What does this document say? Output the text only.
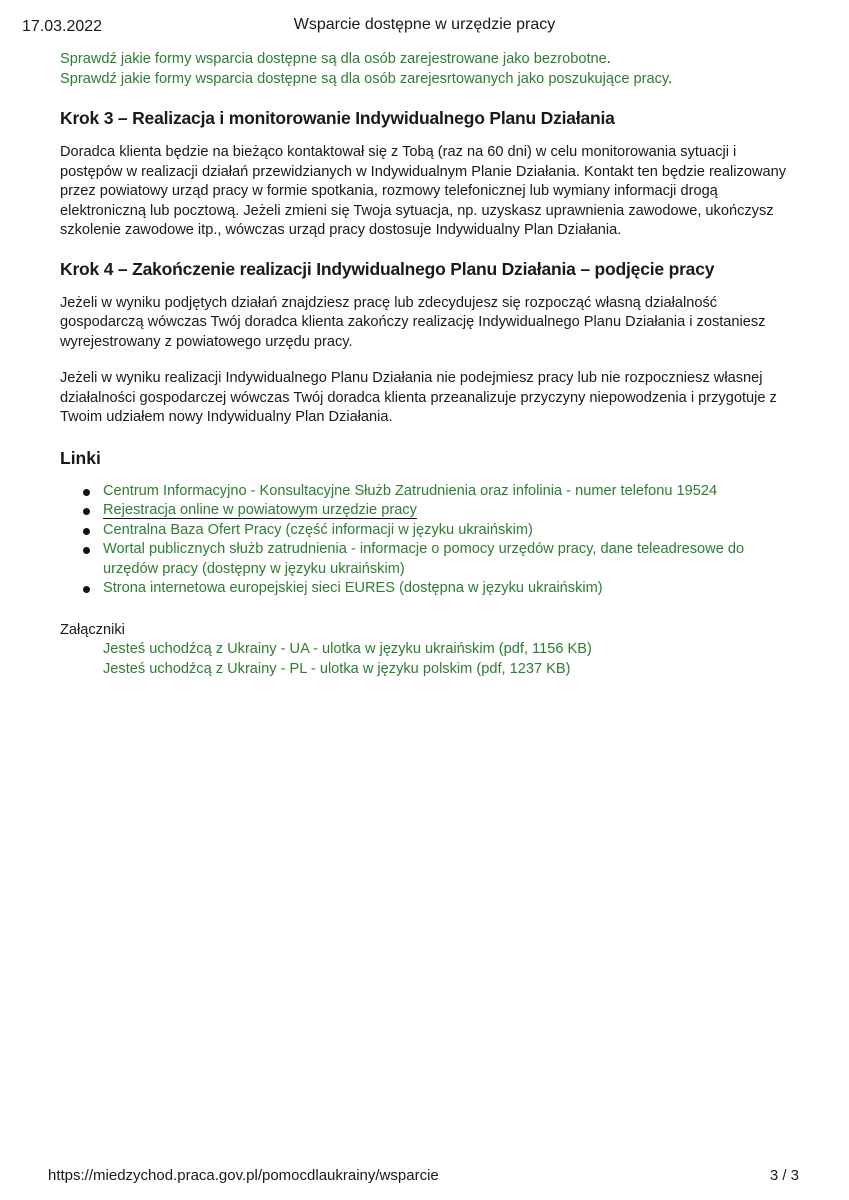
17.03.2022	Wsparcie dostępne w urzędzie pracy
Sprawdź jakie formy wsparcia dostępne są dla osób zarejestrowane jako bezrobotne.
Sprawdź jakie formy wsparcia dostępne są dla osób zarejesrtowanych jako poszukujące pracy.
Krok 3 – Realizacja i monitorowanie Indywidualnego Planu Działania

Doradca klienta będzie na bieżąco kontaktował się z Tobą (raz na 60 dni) w celu monitorowania sytuacji i postępów w realizacji działań przewidzianych w Indywidualnym Planie Działania. Kontakt ten będzie realizowany przez powiatowy urząd pracy w formie spotkania, rozmowy telefonicznej lub wymiany informacji drogą elektroniczną lub pocztową. Jeżeli zmieni się Twoja sytuacja, np. uzyskasz uprawnienia zawodowe, ukończysz szkolenie zawodowe itp., wówczas urząd pracy dostosuje Indywidualny Plan Działania.

Krok 4 – Zakończenie realizacji Indywidualnego Planu Działania – podjęcie pracy

Jeżeli w wyniku podjętych działań znajdziesz pracę lub zdecydujesz się rozpocząć własną działalność gospodarczą wówczas Twój doradca klienta zakończy realizację Indywidualnego Planu Działania i zostaniesz wyrejestrowany z powiatowego urzędu pracy.

Jeżeli w wyniku realizacji Indywidualnego Planu Działania nie podejmiesz pracy lub nie rozpoczniesz własnej działalności gospodarczej wówczas Twój doradca klienta przeanalizuje przyczyny niepowodzenia i przygotuje z Twoim udziałem nowy Indywidualny Plan Działania.

Linki
Centrum Informacyjno - Konsultacyjne Służb Zatrudnienia oraz infolinia - numer telefonu 19524
Rejestracja online w powiatowym urzędzie pracy
Centralna Baza Ofert Pracy (część informacji w języku ukraińskim)
Wortal publicznych służb zatrudnienia - informacje o pomocy urzędów pracy, dane teleadresowe do urzędów pracy (dostępny w języku ukraińskim)
Strona internetowa europejskiej sieci EURES (dostępna w języku ukraińskim)
Załączniki
Jesteś uchodźcą z Ukrainy - UA - ulotka w języku ukraińskim (pdf, 1156 KB)
Jesteś uchodźcą z Ukrainy - PL - ulotka w języku polskim (pdf, 1237 KB)
https://miedzychod.praca.gov.pl/pomocdlaukrainy/wsparcie	3 / 3
